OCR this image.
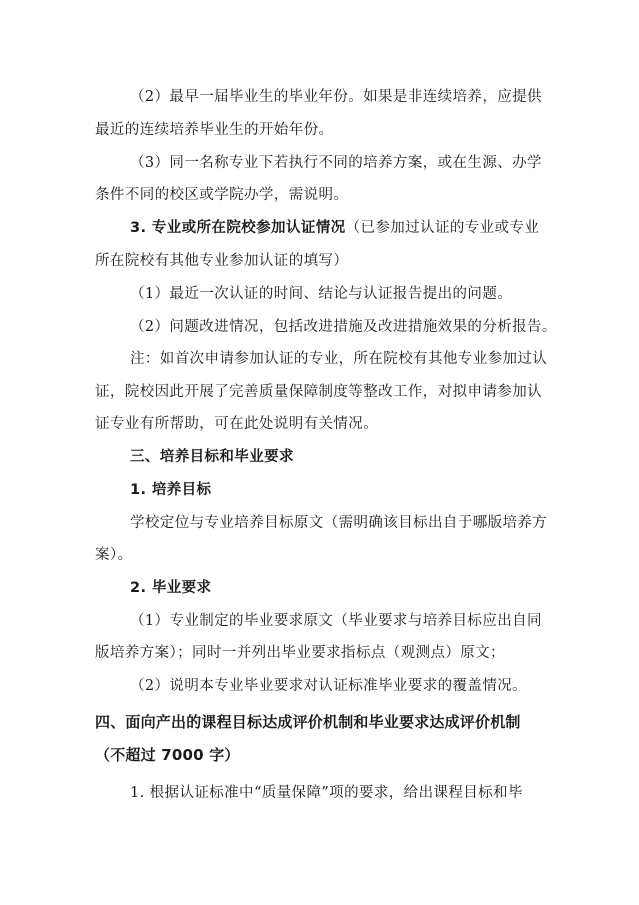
（2）最早一届毕业生的毕业年份。如果是非连续培养，应提供
最近的连续培养毕业生的开始年份。
（3）同一名称专业下若执行不同的培养方案，或在生源、办学
条件不同的校区或学院办学，需说明。
3. 专业或所在院校参加认证情况（已参加过认证的专业或专业
所在院校有其他专业参加认证的填写）
（1）最近一次认证的时间、结论与认证报告提出的问题。
（2）问题改进情况，包括改进措施及改进措施效果的分析报告。
注：如首次申请参加认证的专业，所在院校有其他专业参加过认
证，院校因此开展了完善质量保障制度等整改工作，对拟申请参加认
证专业有所帮助，可在此处说明有关情况。
三、培养目标和毕业要求
1. 培养目标
学校定位与专业培养目标原文（需明确该目标出自于哪版培养方
案）。
2. 毕业要求
（1）专业制定的毕业要求原文（毕业要求与培养目标应出自同
版培养方案）；同时一并列出毕业要求指标点（观测点）原文；
（2）说明本专业毕业要求对认证标准毕业要求的覆盖情况。
四、面向产出的课程目标达成评价机制和毕业要求达成评价机制
（不超过 7000 字）
1. 根据认证标准中“质量保障”项的要求，给出课程目标和毕
